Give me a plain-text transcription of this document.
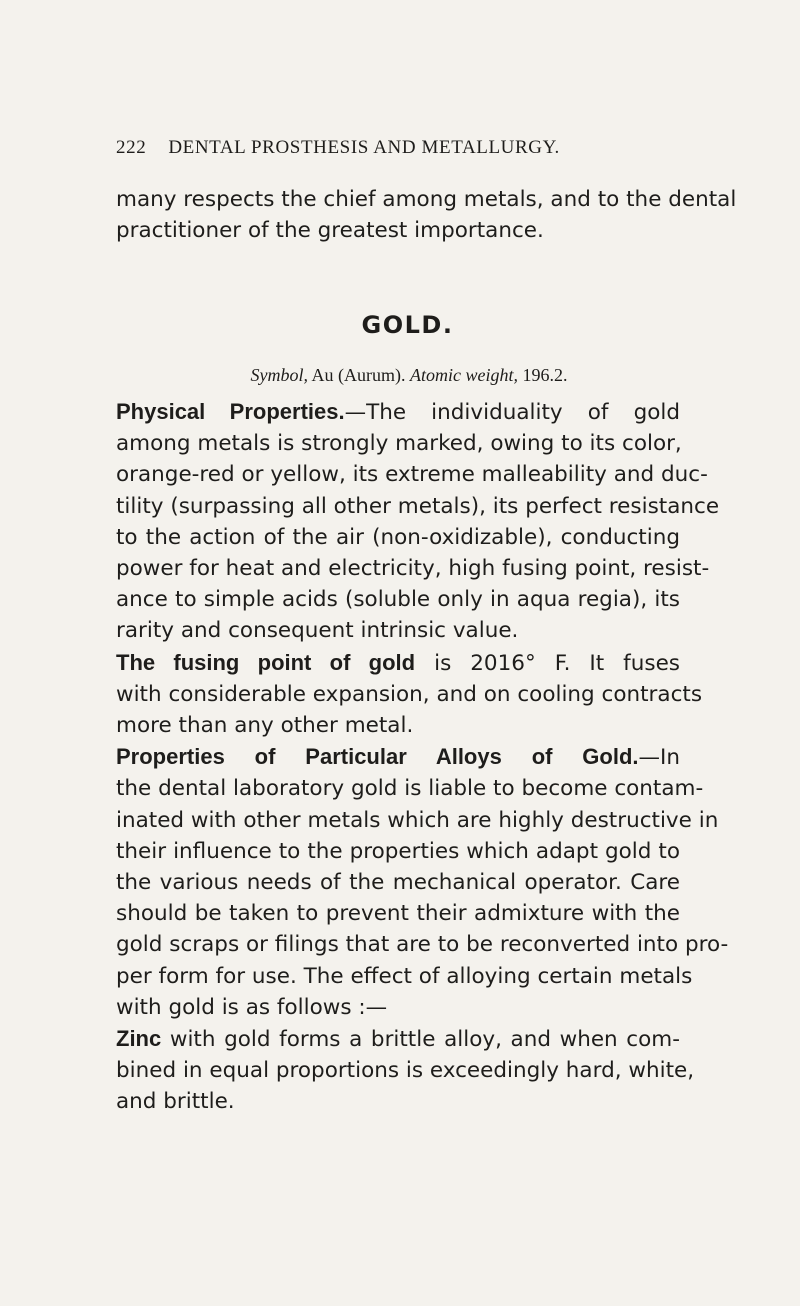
222 DENTAL PROSTHESIS AND METALLURGY.
many respects the chief among metals, and to the dental
practitioner of the greatest importance.
GOLD.
Symbol, Au (Aurum). Atomic weight, 196.2.
Physical Properties.—The individuality of gold
among metals is strongly marked, owing to its color,
orange-red or yellow, its extreme malleability and duc-
tility (surpassing all other metals), its perfect resistance
to the action of the air (non-oxidizable), conducting
power for heat and electricity, high fusing point, resist-
ance to simple acids (soluble only in aqua regia), its
rarity and consequent intrinsic value.
The fusing point of gold is 2016° F. It fuses
with considerable expansion, and on cooling contracts
more than any other metal.
Properties of Particular Alloys of Gold.—In
the dental laboratory gold is liable to become contam-
inated with other metals which are highly destructive in
their influence to the properties which adapt gold to
the various needs of the mechanical operator. Care
should be taken to prevent their admixture with the
gold scraps or filings that are to be reconverted into pro-
per form for use. The effect of alloying certain metals
with gold is as follows :—
Zinc with gold forms a brittle alloy, and when com-
bined in equal proportions is exceedingly hard, white,
and brittle.
